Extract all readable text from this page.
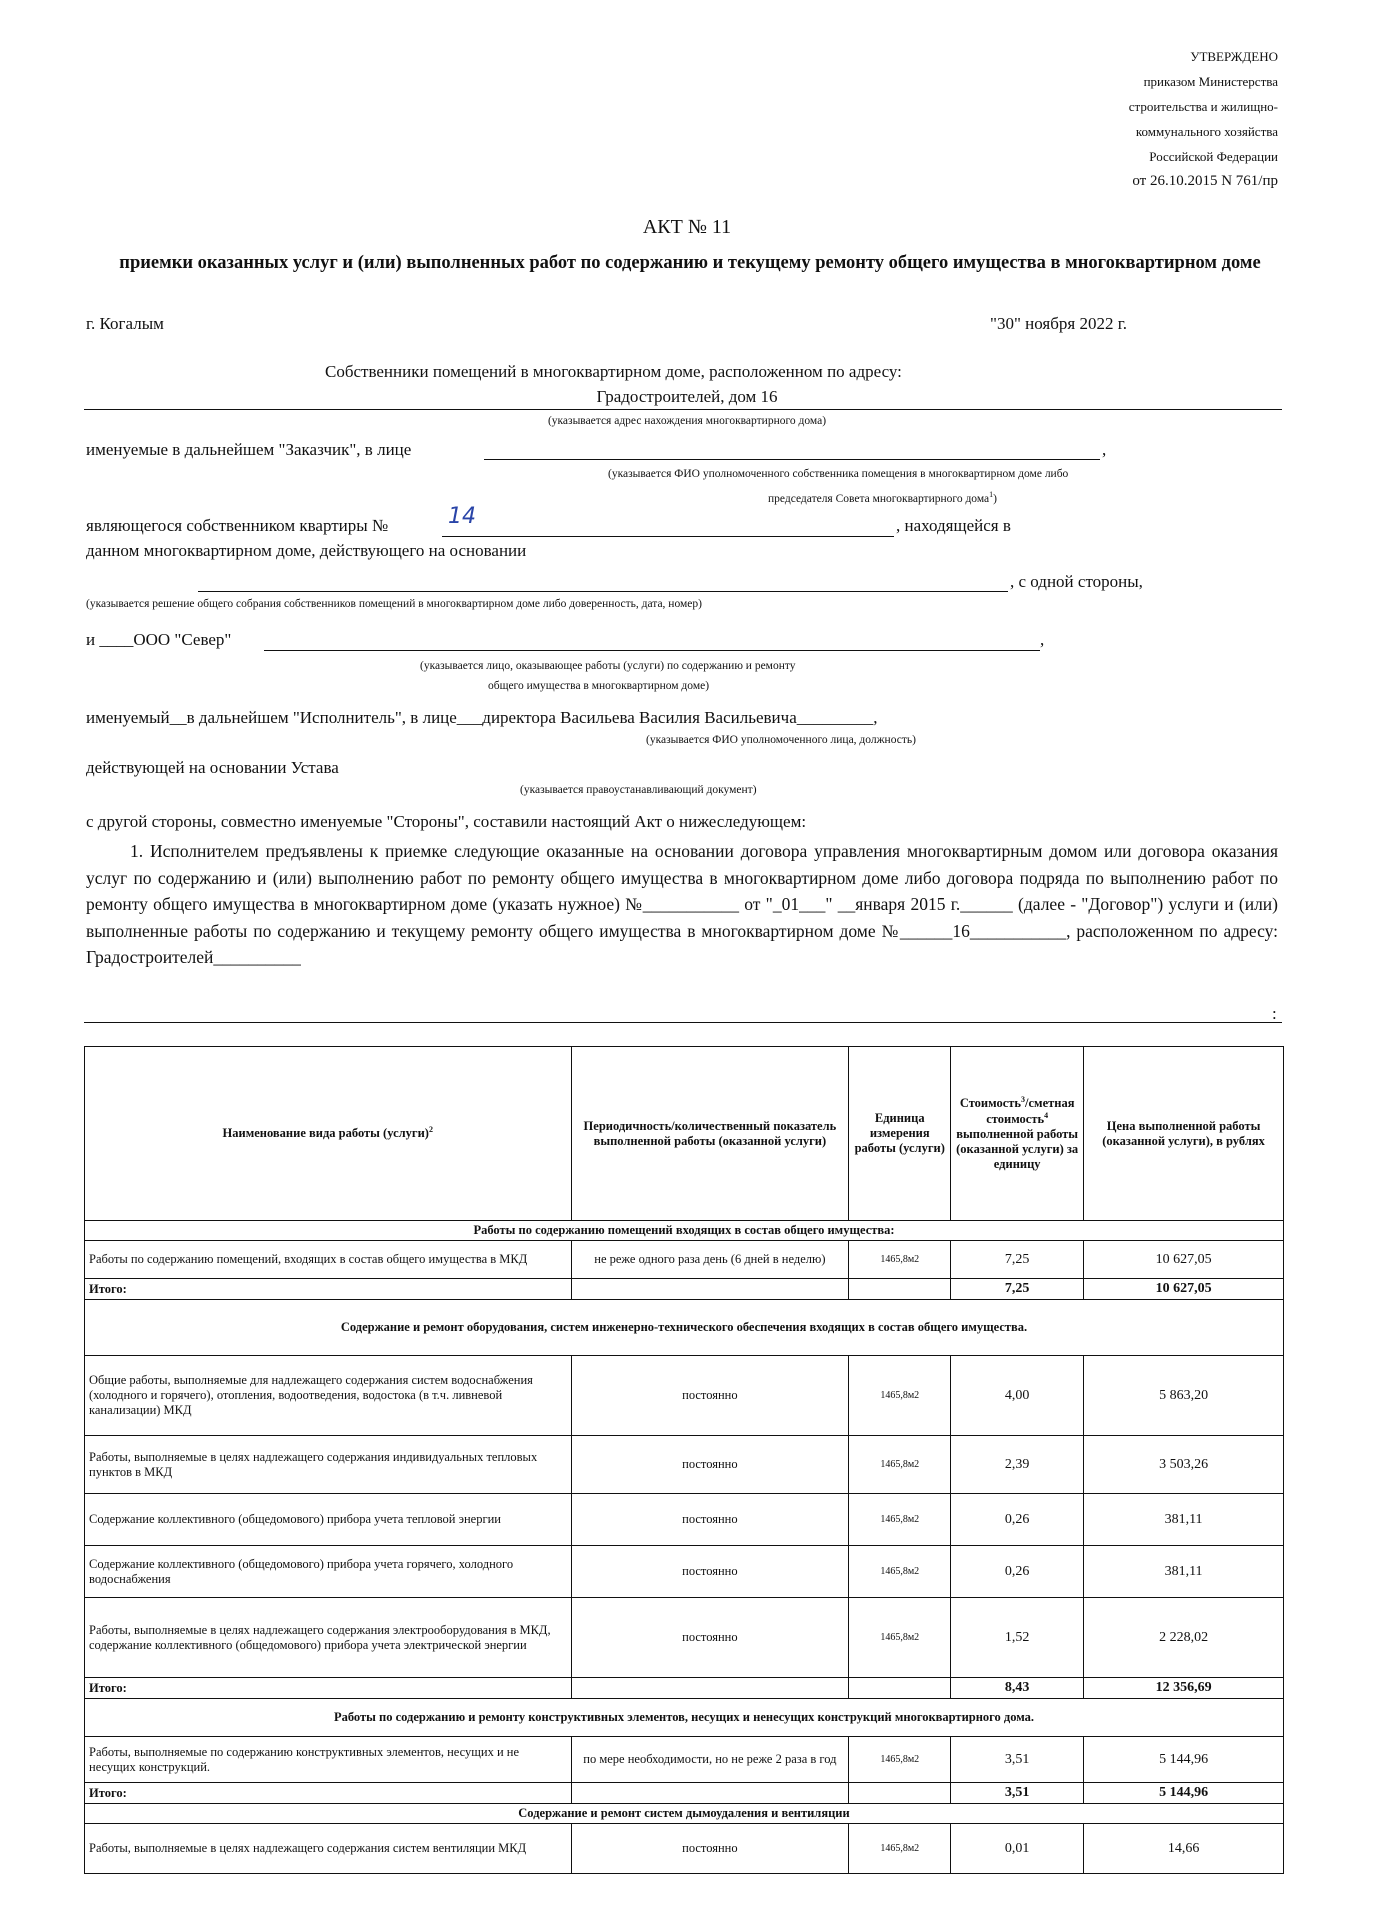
УТВЕРЖДЕНО
приказом Министерства
строительства и жилищно-
коммунального хозяйства
Российской Федерации
от 26.10.2015 N 761/пр
АКТ № 11
приемки оказанных услуг и (или) выполненных работ по содержанию и текущему ремонту общего имущества в многоквартирном доме
г. Когалым	"30" ноября 2022 г.
Собственники помещений в многоквартирном доме, расположенном по адресу:
Градостроителей, дом 16
(указывается адрес нахождения многоквартирного дома)
именуемые в дальнейшем "Заказчик", в лице	,
(указывается ФИО уполномоченного собственника помещения в многоквартирном доме либо
председателя Совета многоквартирного дома$^1$)
являющегося собственником квартиры №	14	, находящейся в
данном многоквартирном доме, действующего на основании
, с одной стороны,
(указывается решение общего собрания собственников помещений в многоквартирном доме либо доверенность, дата, номер)
и ____ООО "Север"	,
(указывается лицо, оказывающее работы (услуги) по содержанию и ремонту
общего имущества в многоквартирном доме)
именуемый__в дальнейшем "Исполнитель", в лице___директора Васильева Василия Васильевича_________,
(указывается ФИО уполномоченного лица, должность)
действующей на основании Устава
(указывается правоустанавливающий документ)
с другой стороны, совместно именуемые "Стороны", составили настоящий Акт о нижеследующем:
1. Исполнителем предъявлены к приемке следующие оказанные на основании договора управления многоквартирным домом или договора оказания услуг по содержанию и (или) выполнению работ по ремонту общего имущества в многоквартирном доме либо договора подряда по выполнению работ по ремонту общего имущества в многоквартирном доме (указать нужное) №___________ от "_01___" __января 2015 г.______ (далее - "Договор") услуги и (или) выполненные работы по содержанию и текущему ремонту общего имущества в многоквартирном доме №______16___________, расположенном по адресу: Градостроителей__________
:
Наименование вида работы (услуги)$^2$	Периодичность/количественный показатель выполненной работы (оказанной услуги)	Единица измерения работы (услуги)	Стоимость$^3$/сметная стоимость$^4$ выполненной работы (оказанной услуги) за единицу	Цена выполненной работы (оказанной услуги), в рублях
Работы по содержанию помещений входящих в состав общего имущества:				
Работы по содержанию помещений, входящих в состав общего имущества в МКД	не реже одного раза день (6 дней в неделю)	1465,8м2	7,25	10 627,05
Итого:			7,25	10 627,05
Содержание и ремонт оборудования, систем инженерно-технического обеспечения входящих в состав общего имущества.				
Общие работы, выполняемые для надлежащего содержания систем водоснабжения (холодного и горячего), отопления, водоотведения, водостока (в т.ч. ливневой канализации) МКД	постоянно	1465,8м2	4,00	5 863,20
Работы, выполняемые в целях надлежащего содержания индивидуальных тепловых пунктов в МКД	постоянно	1465,8м2	2,39	3 503,26
Содержание коллективного (общедомового) прибора учета тепловой энергии	постоянно	1465,8м2	0,26	381,11
Содержание коллективного (общедомового) прибора учета горячего, холодного водоснабжения	постоянно	1465,8м2	0,26	381,11
Работы, выполняемые в целях надлежащего содержания электрооборудования в МКД, содержание коллективного (общедомового) прибора учета электрической энергии	постоянно	1465,8м2	1,52	2 228,02
Итого:			8,43	12 356,69
Работы по содержанию и ремонту конструктивных элементов, несущих и ненесущих конструкций многоквартирного дома.				
Работы, выполняемые по содержанию конструктивных элементов, несущих и не несущих конструкций.	по мере необходимости, но не реже 2 раза в год	1465,8м2	3,51	5 144,96
Итого:			3,51	5 144,96
Содержание и ремонт систем дымоудаления и вентиляции				
Работы, выполняемые в целях надлежащего содержания систем вентиляции МКД	постоянно	1465,8м2	0,01	14,66
